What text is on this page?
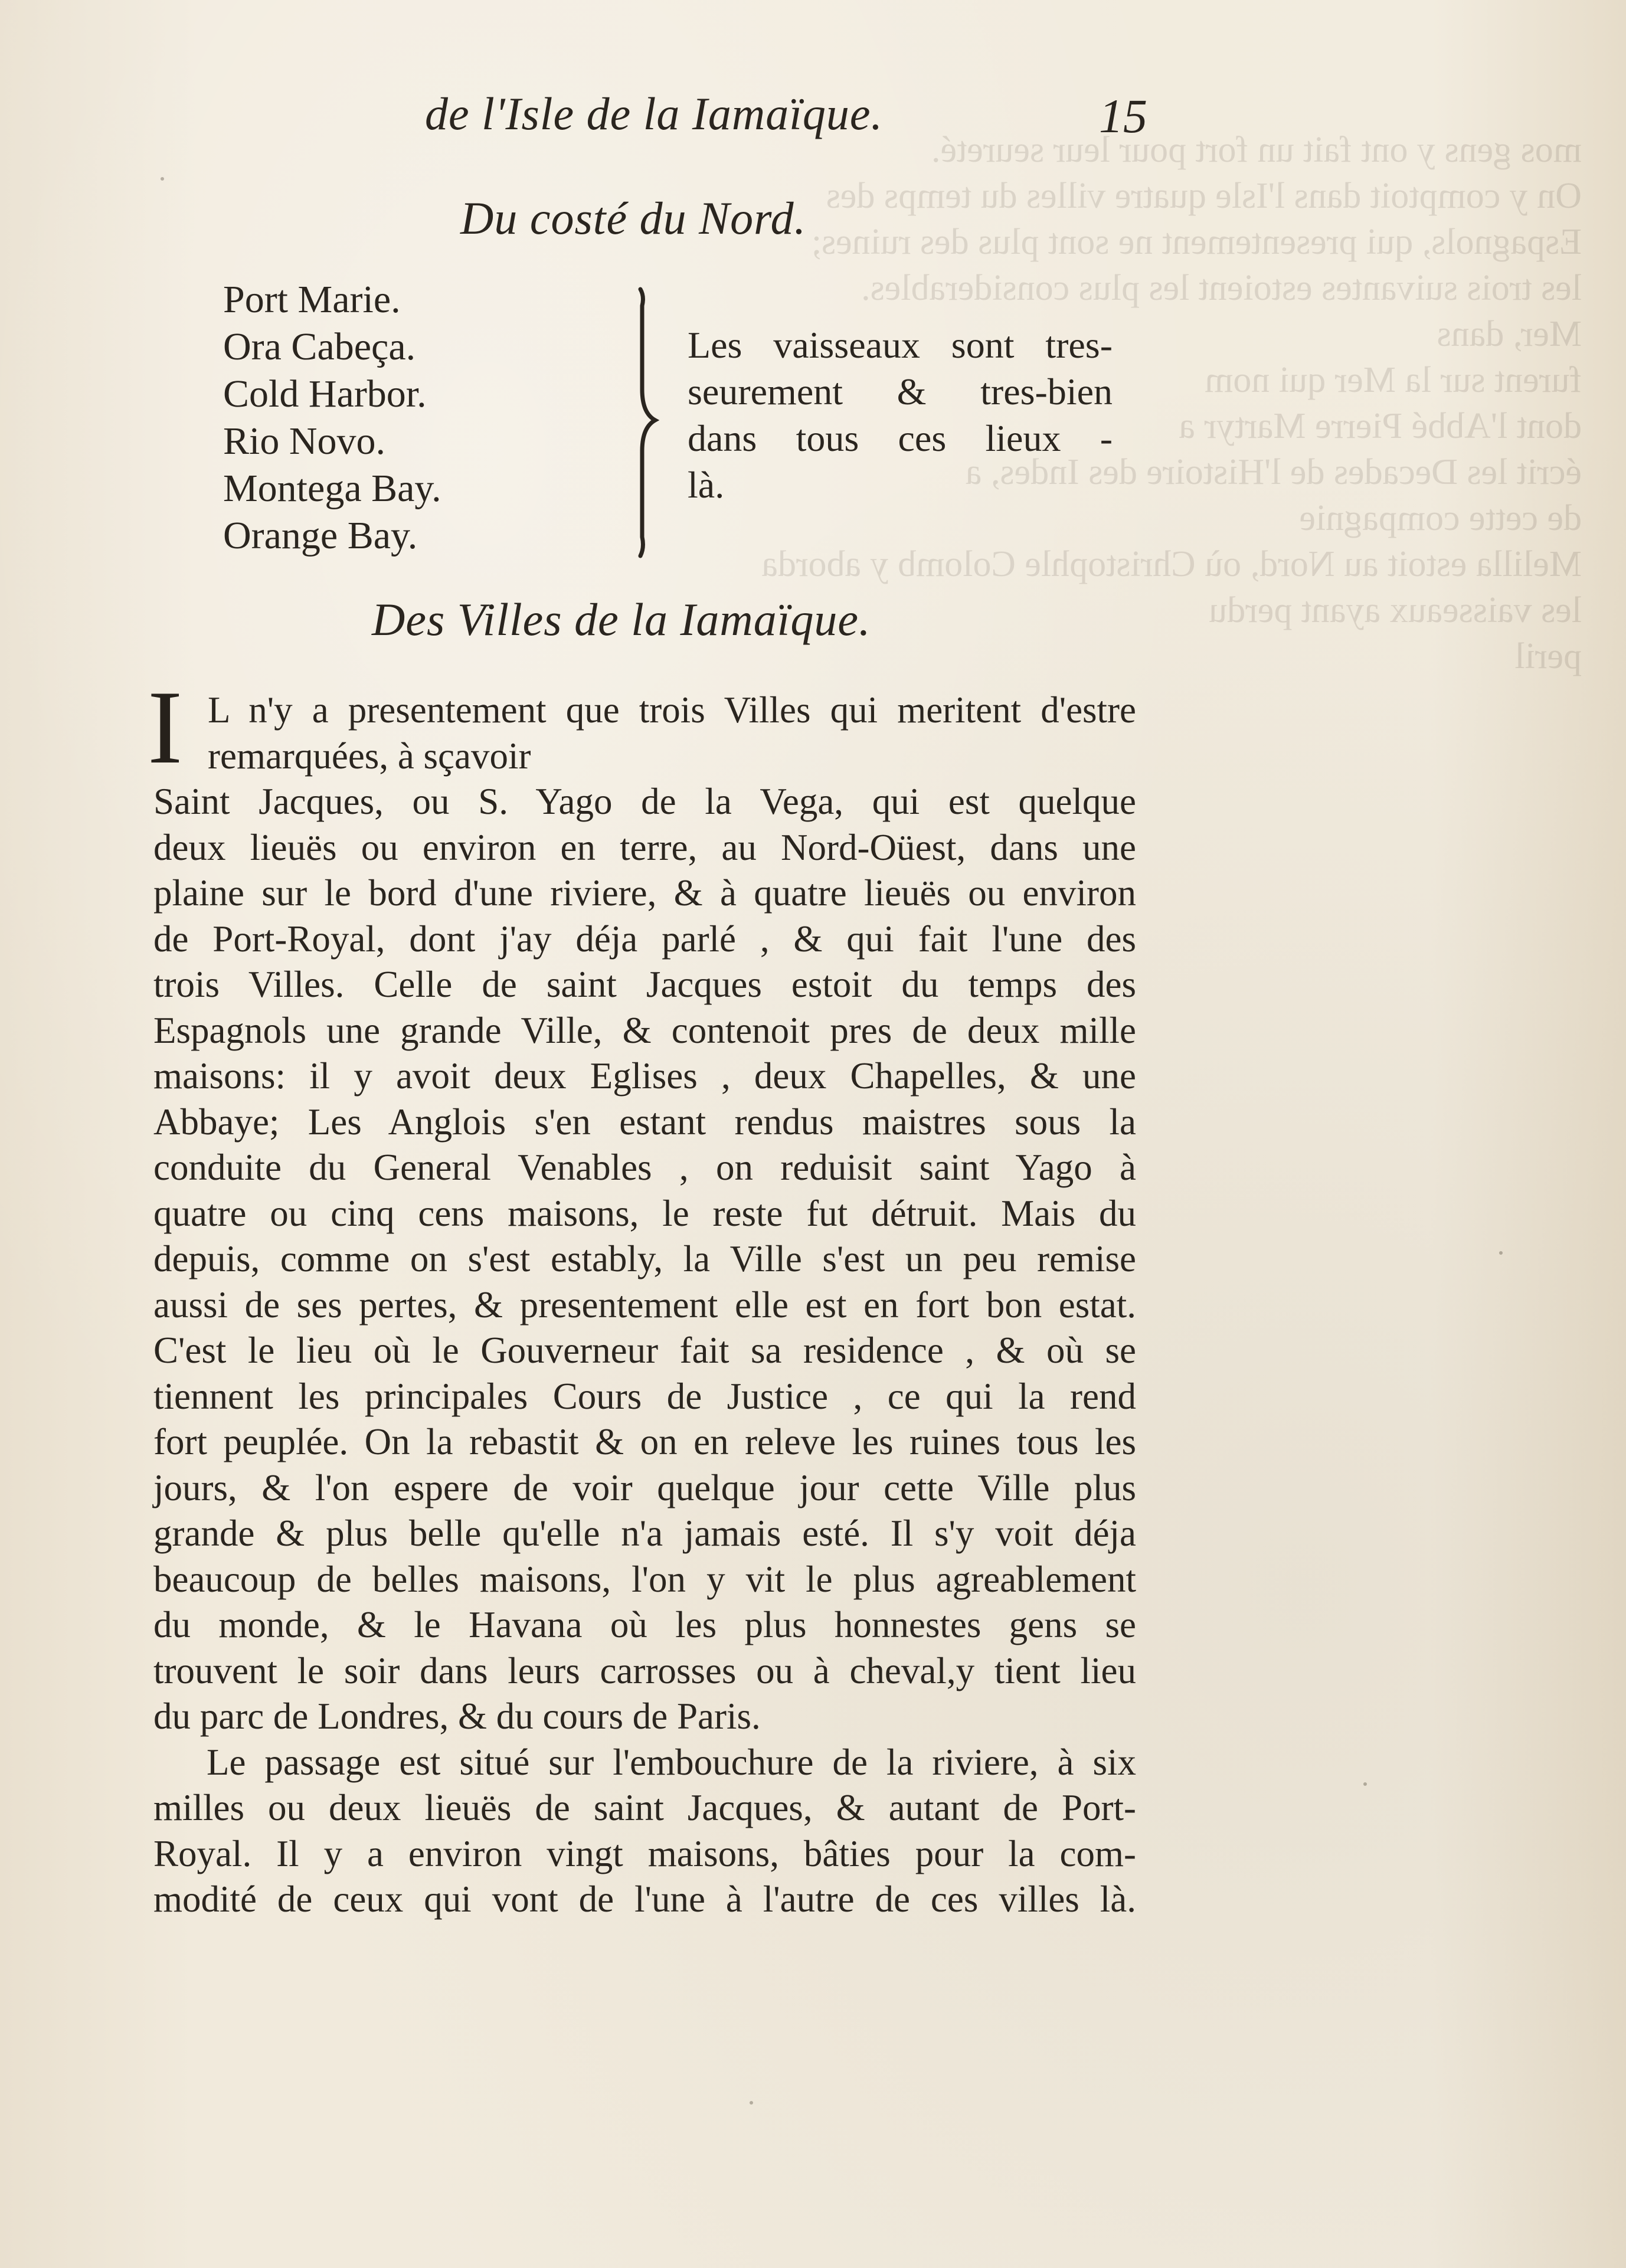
mos gens y ont fait un fort pour leur seureté.
On y comptoit dans l'Isle quatre villes du temps des
Espagnols, qui presentement ne sont plus des ruines;
les trois suivantes estoient les plus considerables.
Mer, dans
furent sur la Mer qui nom
dont l'Abbé Pierre Martyr a
écrit les Decades de l'Histoire des Indes, a
de cette compagnie
Melilla estoit au Nord, où Christophle Colomb y aborda
les vaisseaux ayant perdu
peril
de l'Isle de la Iamaïque.	15
Du costé du Nord.
Port Marie.
Ora Cabeça.
Cold Harbor.
Rio Novo.
Montega Bay.
Orange Bay.
Les vaisseaux sont tres-
seurement & tres-bien
dans tous ces lieux -
là.
Des Villes de la Iamaïque.
I L n'y a presentement que trois Villes qui meritent d'estre
remarquées, à sçavoir
Saint Jacques, ou S. Yago de la Vega, qui est quelque
deux lieuës ou environ en terre, au Nord-Oüest, dans une
plaine sur le bord d'une riviere, & à quatre lieuës ou environ
de Port-Royal, dont j'ay déja parlé , & qui fait l'une des
trois Villes. Celle de saint Jacques estoit du temps des
Espagnols une grande Ville, & contenoit pres de deux mille
maisons: il y avoit deux Eglises , deux Chapelles, & une
Abbaye; Les Anglois s'en estant rendus maistres sous la
conduite du General Venables , on reduisit saint Yago à
quatre ou cinq cens maisons, le reste fut détruit. Mais du
depuis, comme on s'est estably, la Ville s'est un peu remise
aussi de ses pertes, & presentement elle est en fort bon estat.
C'est le lieu où le Gouverneur fait sa residence , & où se
tiennent les principales Cours de Justice , ce qui la rend
fort peuplée. On la rebastit & on en releve les ruines tous les
jours, & l'on espere de voir quelque jour cette Ville plus
grande & plus belle qu'elle n'a jamais esté. Il s'y voit déja
beaucoup de belles maisons, l'on y vit le plus agreablement
du monde, & le Havana où les plus honnestes gens se
trouvent le soir dans leurs carrosses ou à cheval,y tient lieu
du parc de Londres, & du cours de Paris.
Le passage est situé sur l'embouchure de la riviere, à six
milles ou deux lieuës de saint Jacques, & autant de Port-
Royal. Il y a environ vingt maisons, bâties pour la com-
modité de ceux qui vont de l'une à l'autre de ces villes là.
